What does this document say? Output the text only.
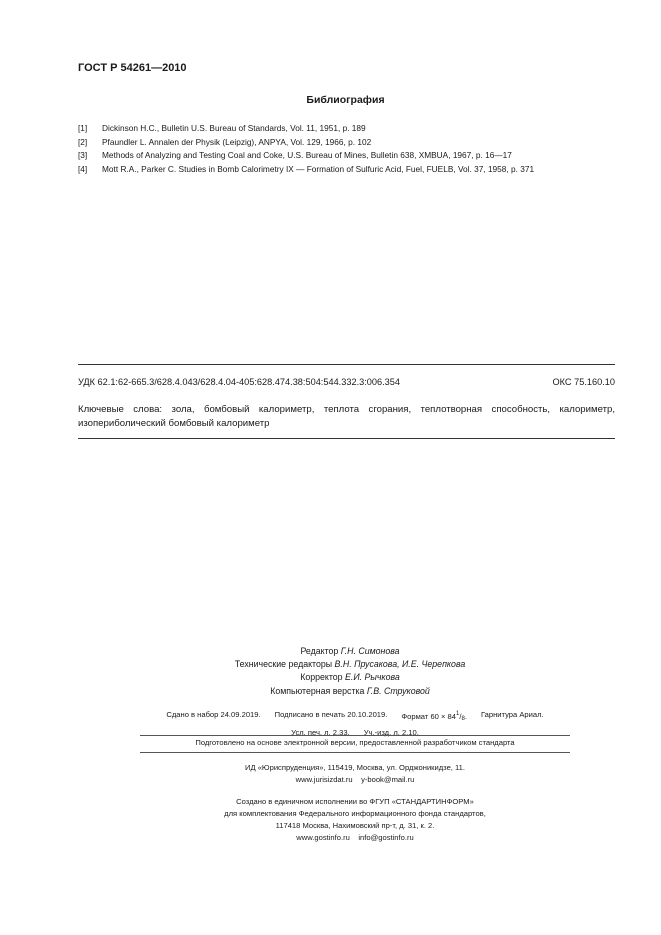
ГОСТ Р 54261—2010
Библиография
[1]	Dickinson H.C., Bulletin U.S. Bureau of Standards, Vol. 11, 1951, p. 189
[2]	Pfaundler L. Annalen der Physik (Leipzig), ANPYA, Vol. 129, 1966, p. 102
[3]	Methods of Analyzing and Testing Coal and Coke, U.S. Bureau of Mines, Bulletin 638, XMBUA, 1967, p. 16—17
[4]	Mott R.A., Parker C. Studies in Bomb Calorimetry IX — Formation of Sulfuric Acid, Fuel, FUELB, Vol. 37, 1958, p. 371
УДК 62.1:62-665.3/628.4.043/628.4.04-405:628.474.38:504:544.332.3:006.354	ОКС 75.160.10
Ключевые слова: зола, бомбовый калориметр, теплота сгорания, теплотворная способность, калориметр, изопериболический бомбовый калориметр
Редактор Г.Н. Симонова
Технические редакторы В.Н. Прусакова, И.Е. Черепкова
Корректор Е.И. Рычкова
Компьютерная верстка Г.В. Струковой
Сдано в набор 24.09.2019. Подписано в печать 20.10.2019. Формат $60 \times 84^1/_8$. Гарнитура Ариал.
Усл. печ. л. 2,33. Уч.-изд. л. 2,10.
Подготовлено на основе электронной версии, предоставленной разработчиком стандарта
ИД «Юриспруденция», 115419, Москва, ул. Орджоникидзе, 11.
www.jurisizdat.ru y-book@mail.ru
Создано в единичном исполнении во ФГУП «СТАНДАРТИНФОРМ»
для комплектования Федерального информационного фонда стандартов,
117418 Москва, Нахимовский пр-т, д. 31, к. 2.
www.gostinfo.ru info@gostinfo.ru
